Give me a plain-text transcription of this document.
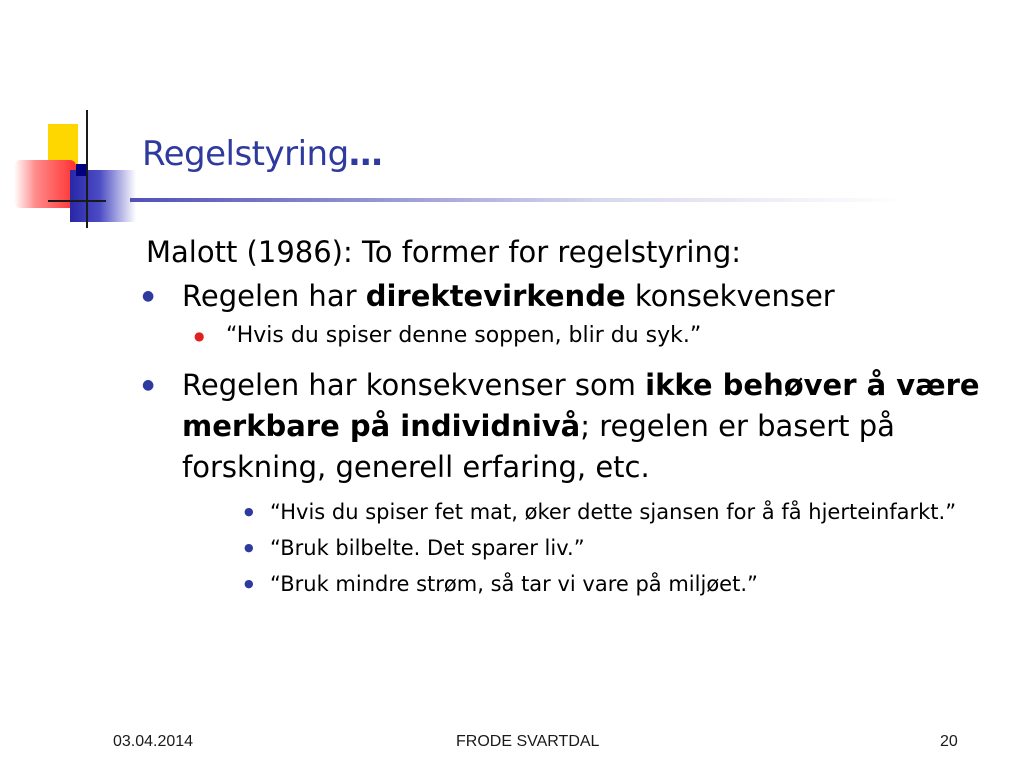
Regelstyring…

Malott (1986): To former for regelstyring:

● Regelen har direktevirkende konsekvenser

● “Hvis du spiser denne soppen, blir du syk.”

● Regelen har konsekvenser som ikke behøver å være merkbare på individnivå; regelen er basert på forskning, generell erfaring, etc.

● “Hvis du spiser fet mat, øker dette sjansen for å få hjerteinfarkt.”

● “Bruk bilbelte. Det sparer liv.”

● “Bruk mindre strøm, så tar vi vare på miljøet.”

03.04.2014	FRODE SVARTDAL	20
